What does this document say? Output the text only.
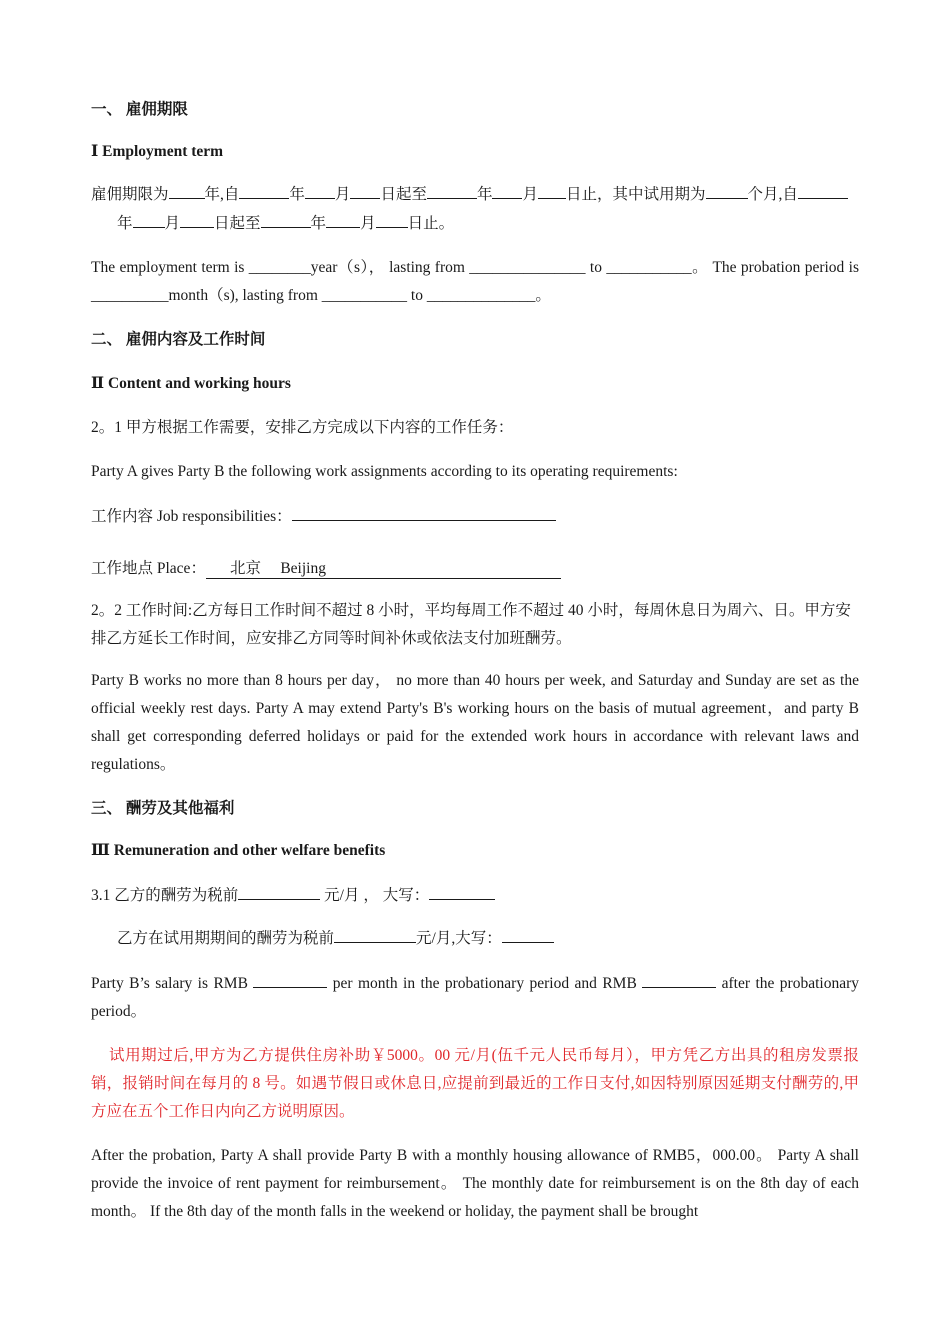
一、 雇佣期限

Ⅰ Employment term

雇佣期限为 年,自	年 月 日起至	年 月 日止，其中试用期为	个月,自年 月 日起至	年 月 日止。

The employment term is ________year（s）， lasting from _______________ to ___________。 The probation period is __________month（s), lasting from ___________ to ______________。

二、 雇佣内容及工作时间

Ⅱ Content and working hours

2。1 甲方根据工作需要，安排乙方完成以下内容的工作任务：

Party A gives Party B the following work assignments according to its operating requirements:

工作内容 Job responsibilities：

工作地点 Place： 北京　 Beijing

2。2 工作时间:乙方每日工作时间不超过 8 小时，平均每周工作不超过 40 小时，每周休息日为周六、日。甲方安排乙方延长工作时间，应安排乙方同等时间补休或依法支付加班酬劳。

Party B works no more than 8 hours per day， no more than 40 hours per week, and Saturday and Sunday are set as the official weekly rest days. Party A may extend Party's B's working hours on the basis of mutual agreement，and party B shall get corresponding deferred holidays or paid for the extended work hours in accordance with relevant laws and regulations。

三、 酬劳及其他福利

Ⅲ Remuneration and other welfare benefits

3.1 乙方的酬劳为税前	元/月 ， 大写：

乙方在试用期期间的酬劳为税前	元/月,大写：

Party B’s salary is RMB	per month in the probationary period and RMB	after the probationary period。

试用期过后,甲方为乙方提供住房补助￥5000。00 元/月(伍千元人民币每月），甲方凭乙方出具的租房发票报销，报销时间在每月的 8 号。如遇节假日或休息日,应提前到最近的工作日支付,如因特别原因延期支付酬劳的,甲方应在五个工作日内向乙方说明原因。

After the probation, Party A shall provide Party B with a monthly housing allowance of RMB5，000.00。 Party A shall provide the invoice of rent payment for reimbursement。 The monthly date for reimbursement is on the 8th day of each month。 If the 8th day of the month falls in the weekend or holiday, the payment shall be brought
